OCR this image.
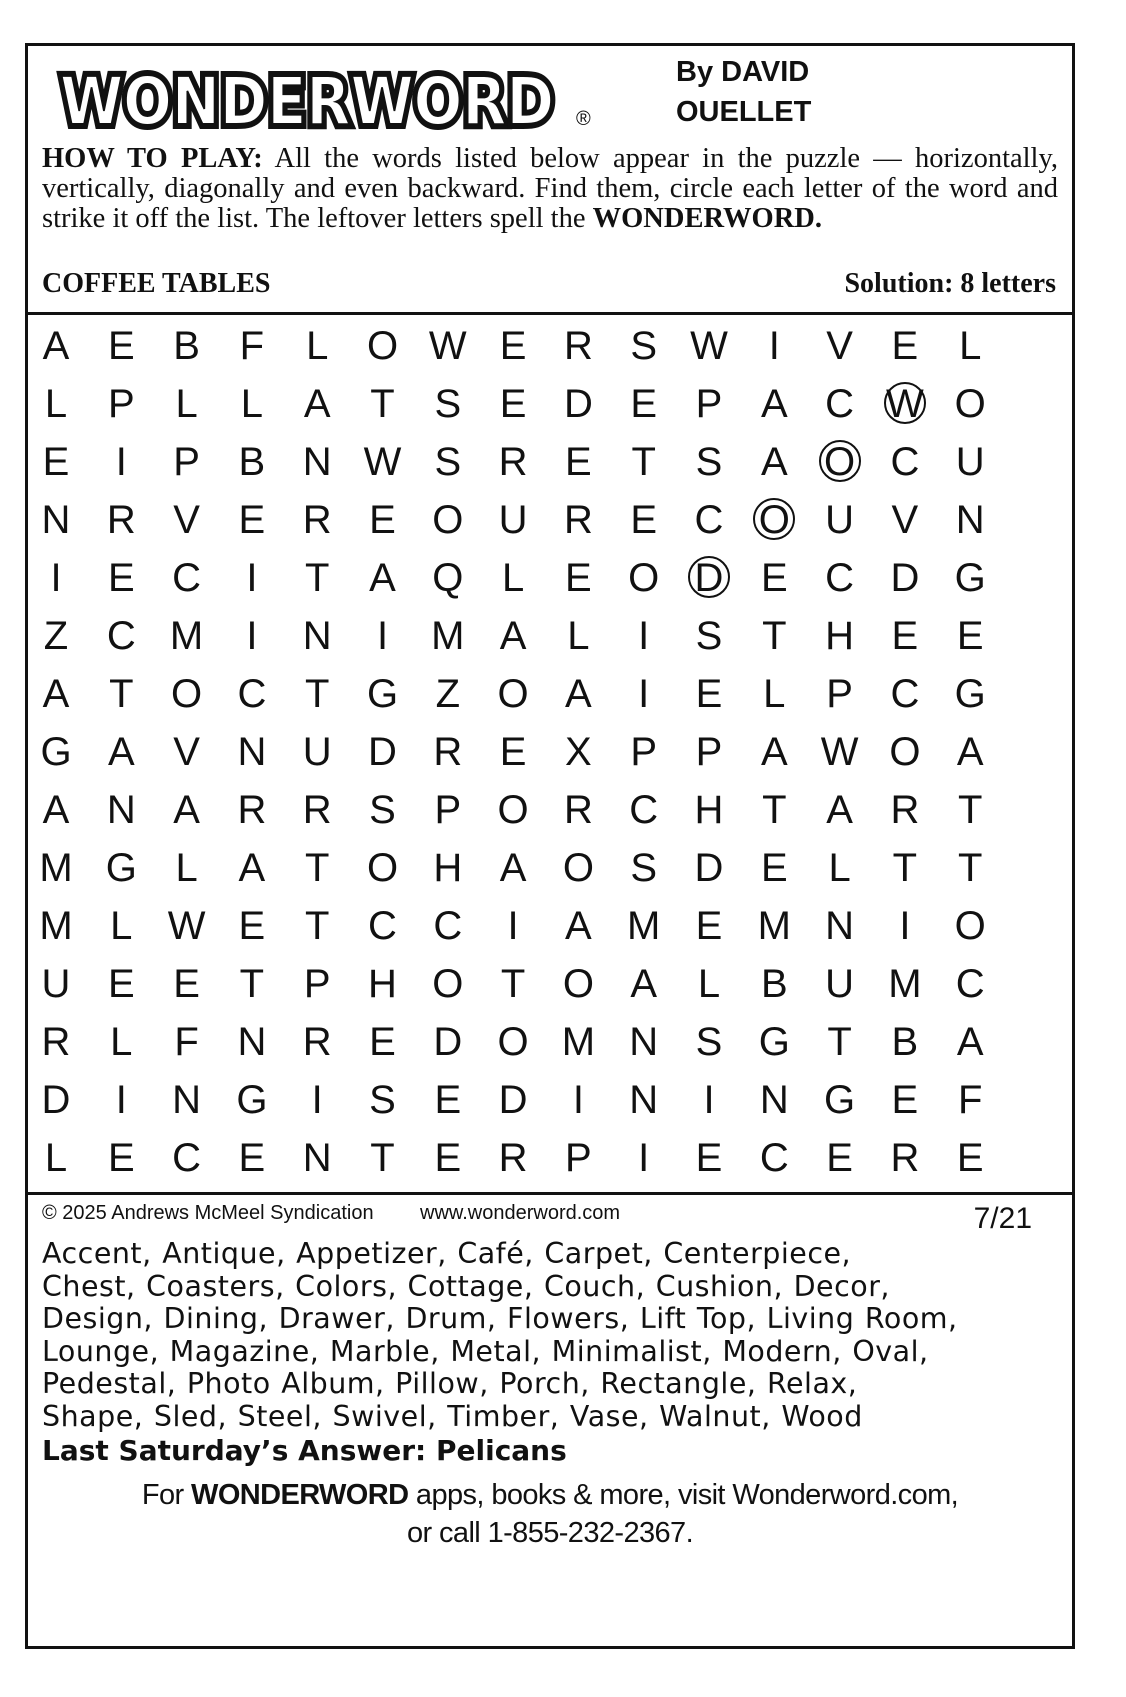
WONDERWORD
WONDERWORD ®
By DAVID
OUELLET
HOW TO PLAY: All the words listed below appear in the puzzle — horizontally, vertically, diagonally and even backward. Find them, circle each letter of the word and strike it off the list. The leftover letters spell the WONDERWORD.
COFFEE TABLES	Solution: 8 letters
A E B F	L O W E R S W	I	V E	L
L	P	L	L	A T S E D E P A C W O
E	I	P B N W S R E T S A O C U
N R V E R E O U R E C O U V N
I	E C	I	T A Q L	E O D E C D G
Z C M	I	N	I	M A	L	I	S T H E E
A T O C T G Z O A	I	E	L	P C G
G A V N U D R E X P P A W O A
A N A R R S P O R C H T A R T
M G L	A T O H A O S D E	L	T	T
M L W E T C C	I	A M E M N	I	O
U E E T P H O T O A	L	B U M C
R L	F N R E D O M N S G T B A
D	I	N G	I	S E D	I	N	I	N G E F
L	E C E N T E R P	I	E C E R E
© 2025 Andrews McMeel Syndication www.wonderword.com	7/21
Accent, Antique, Appetizer, Café, Carpet, Centerpiece,
Chest, Coasters, Colors, Cottage, Couch, Cushion, Decor,
Design, Dining, Drawer, Drum, Flowers, Lift Top, Living Room,
Lounge, Magazine, Marble, Metal, Minimalist, Modern, Oval,
Pedestal, Photo Album, Pillow, Porch, Rectangle, Relax,
Shape, Sled, Steel, Swivel, Timber, Vase, Walnut, Wood
Last Saturday’s Answer: Pelicans
For WONDERWORD apps, books & more, visit Wonderword.com,
or call 1-855-232-2367.
